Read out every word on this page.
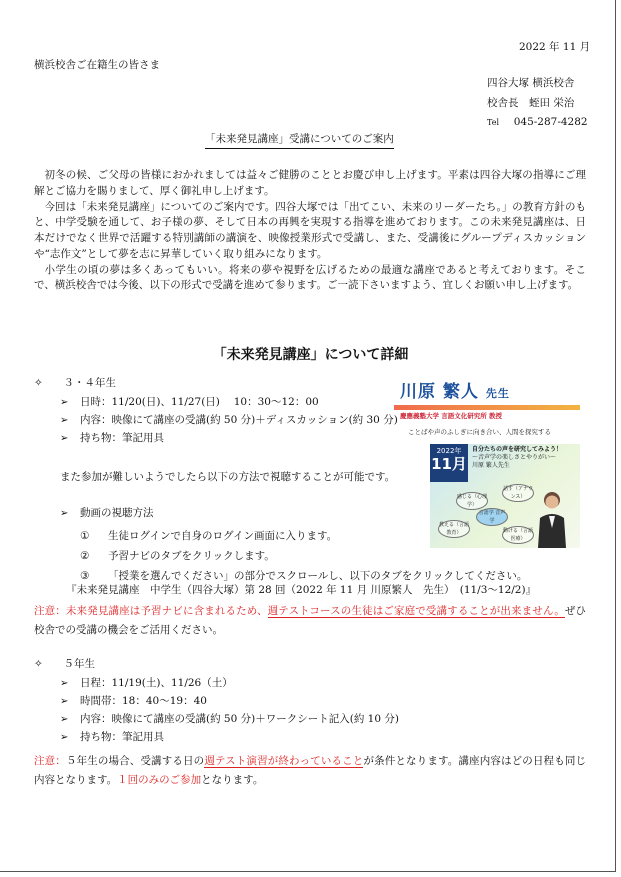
2022 年 11 月
横浜校舎ご在籍生の皆さま
四谷大塚 横浜校舎
校舎長　蛭田 栄治
Tel 045-287-4282
「未来発見講座」受講についてのご案内

初冬の候、ご父母の皆様におかれましては益々ご健勝のこととお慶び申し上げます。平素は四谷大塚の指導にご理解とご協力を賜りまして、厚く御礼申し上げます。

今回は「未来発見講座」についてのご案内です。四谷大塚では「出てこい、未来のリーダーたち。」の教育方針のもと、中学受験を通して、お子様の夢、そして日本の再興を実現する指導を進めております。この未来発見講座は、日本だけでなく世界で活躍する特別講師の講演を、映像授業形式で受講し、また、受講後にグループディスカッションや“志作文”として夢を志に昇華していく取り組みになります。

小学生の頃の夢は多くあってもいい。将来の夢や視野を広げるための最適な講座であると考えております。そこで、横浜校舎では今後、以下の形式で受講を進めて参ります。ご一読下さいますよう、宜しくお願い申し上げます。

「未来発見講座」について詳細
✧ ３・４年生
➢	日時：11/20(日)、11/27(日)　 10：30～12：00
➢	内容：映像にて講座の受講(約 50 分)＋ディスカッション(約 30 分)
➢	持ち物：筆記用具
また参加が難しいようでしたら以下の方法で視聴することが可能です。
➢	動画の視聴方法
① 生徒ログインで自身のログイン画面に入ります。
② 予習ナビのタブをクリックします。
③ 「授業を選んでください」の部分でスクロールし、以下のタブをクリックしてください。
『未来発見講座　中学生（四谷大塚）第 28 回（2022 年 11 月 川原繁人　先生）　(11/3～12/2)』
注意：未来発見講座は予習ナビに含まれるため、週テストコースの生徒はご家庭で受講することが出来ません。ぜひ校舎での受講の機会をご活用ください。
✧ ５年生
➢	日程：11/19(土)、11/26（土）
➢	時間帯：18：40～19：40
➢	内容：映像にて講座の受講(約 50 分)＋ワークシート記入(約 10 分)
➢	持ち物：筆記用具
注意：５年生の場合、受講する日の週テスト演習が終わっていることが条件となります。講座内容はどの日程も同じ内容となります。１回のみのご参加となります。
川原 繁人 先生
慶應義塾大学 言語文化研究所 教授
ことばや声のふしぎに向き合い、人間を探究する
2022年
11月
自分たちの声を研究してみよう！
～音声学の楽しさとやりがい～
川原 繁人先生
感じる（心理学）
話す（アナウンス）
言語学 音声学
教える（言語教育）	動ける（言語医療）
